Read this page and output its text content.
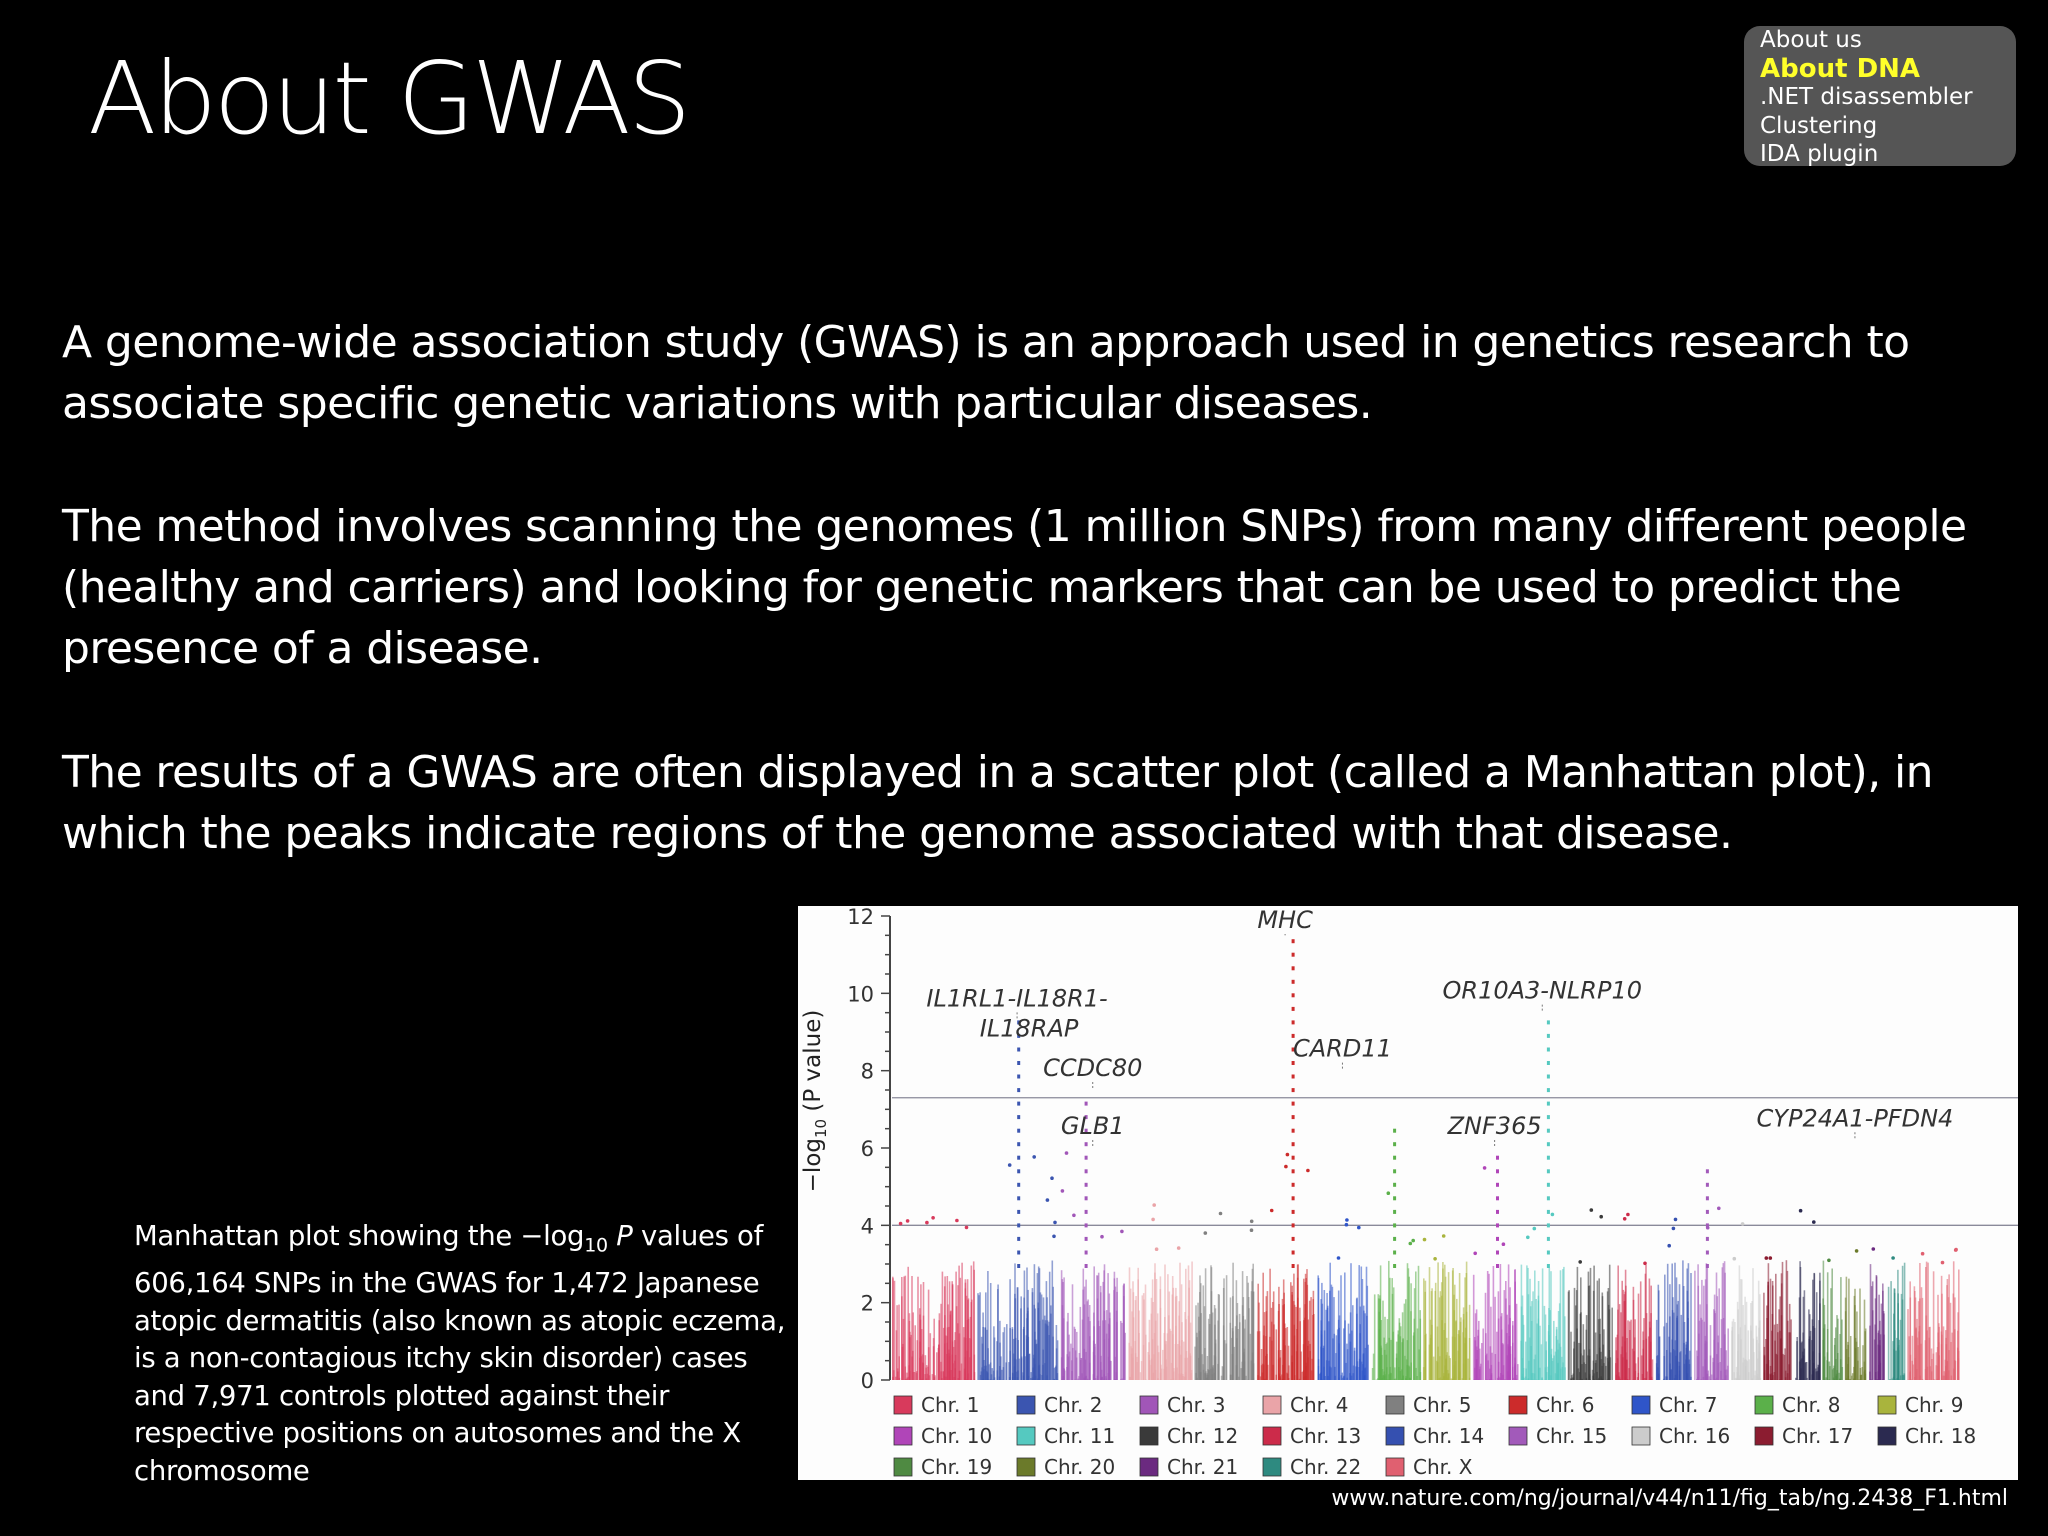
About GWAS	About us
About DNA
.NET disassembler
Clustering
IDA plugin

A genome-wide association study (GWAS) is an approach used in genetics research to associate specific genetic variations with particular diseases.

The method involves scanning the genomes (1 million SNPs) from many different people (healthy and carriers) and looking for genetic markers that can be used to predict the presence of a disease.

The results of a GWAS are often displayed in a scatter plot (called a Manhattan plot), in which the peaks indicate regions of the genome associated with that disease.

Manhattan plot showing the $-\log_{10}$ P values of 606,164 SNPs in the GWAS for 1,472 Japanese atopic dermatitis (also known as atopic eczema, is a non-contagious itchy skin disorder) cases and 7,971 controls plotted against their respective positions on autosomes and the X chromosome

$-\log_{10}$ (P value)
0
2
4
6
8
10
12
IL1RL1-IL18R1-
IL18RAP
GLB1
CCDC80
MHC
CARD11
OR10A3-NLRP10
ZNF365	CYP24A1-PFDN4
Chr. 1	Chr. 2	Chr. 3	Chr. 4	Chr. 5	Chr. 6	Chr. 7	Chr. 8	Chr. 9
Chr. 10	Chr. 11	Chr. 12	Chr. 13	Chr. 14	Chr. 15	Chr. 16	Chr. 17	Chr. 18
Chr. 19	Chr. 20	Chr. 21	Chr. 22	Chr. X
www.nature.com/ng/journal/v44/n11/fig_tab/ng.2438_F1.html
